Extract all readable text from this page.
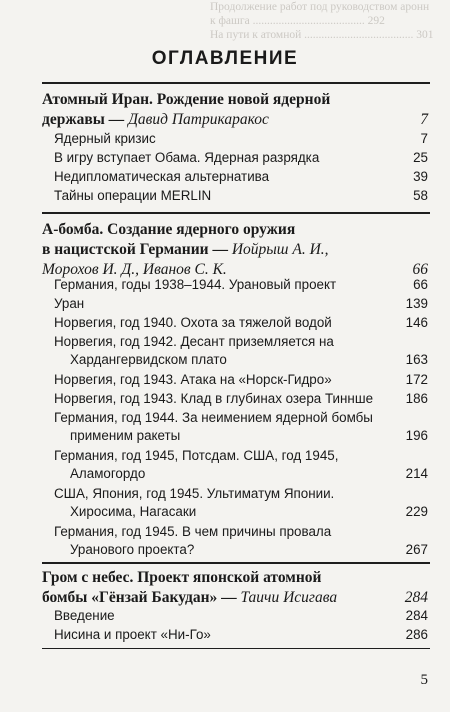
Продолжение работ под руководством аронн
к фашга ....................................... 292
На пути к атомной ...................................... 301
ОГЛАВЛЕНИЕ
Атомный Иран. Рождение новой ядерной
державы — Давид Патрикаракос	7
Ядерный кризис	7
В игру вступает Обама. Ядерная разрядка	25
Недипломатическая альтернатива	39
Тайны операции MERLIN	58
А-бомба. Создание ядерного оружия
в нацистской Германии — Иойрыш А. И.,
Морохов И. Д., Иванов С. К.	66
Германия, годы 1938–1944. Урановый проект	66
Уран	139
Норвегия, год 1940. Охота за тяжелой водой	146
Норвегия, год 1942. Десант приземляется на
Хардангервидском плато	163
Норвегия, год 1943. Атака на «Норск-Гидро»	172
Норвегия, год 1943. Клад в глубинах озера Тиннше 186
Германия, год 1944. За неимением ядерной бомбы
применим ракеты	196
Германия, год 1945, Потсдам. США, год 1945,
Аламогордо	214
США, Япония, год 1945. Ультиматум Японии.
Хиросима, Нагасаки	229
Германия, год 1945. В чем причины провала
Уранового проекта?	267
Гром с небес. Проект японской атомной
бомбы «Гёнзай Бакудан» — Таичи Исигава	284
Введение	284
Нисина и проект «Ни-Го»	286
5
